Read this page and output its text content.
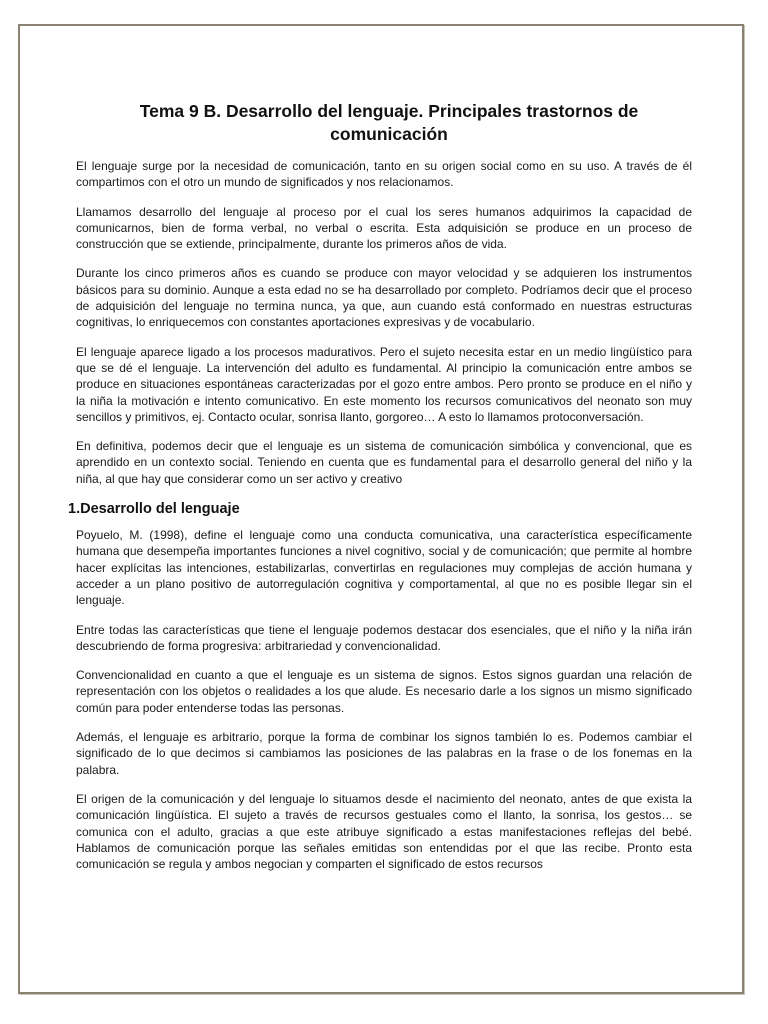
Tema 9 B. Desarrollo del lenguaje. Principales trastornos de comunicación

El lenguaje surge por la necesidad de comunicación, tanto en su origen social como en su uso. A través de él compartimos con el otro un mundo de significados y nos relacionamos.

Llamamos desarrollo del lenguaje al proceso por el cual los seres humanos adquirimos la capacidad de comunicarnos, bien de forma verbal, no verbal o escrita. Esta adquisición se produce en un proceso de construcción que se extiende, principalmente, durante los primeros años de vida.

Durante los cinco primeros años es cuando se produce con mayor velocidad y se adquieren los instrumentos básicos para su dominio. Aunque a esta edad no se ha desarrollado por completo. Podríamos decir que el proceso de adquisición del lenguaje no termina nunca, ya que, aun cuando está conformado en nuestras estructuras cognitivas, lo enriquecemos con constantes aportaciones expresivas y de vocabulario.

El lenguaje aparece ligado a los procesos madurativos. Pero el sujeto necesita estar en un medio lingüístico para que se dé el lenguaje. La intervención del adulto es fundamental. Al principio la comunicación entre ambos se produce en situaciones espontáneas caracterizadas por el gozo entre ambos. Pero pronto se produce en el niño y la niña la motivación e intento comunicativo. En este momento los recursos comunicativos del neonato son muy sencillos y primitivos, ej. Contacto ocular, sonrisa llanto, gorgoreo… A esto lo llamamos protoconversación.

En definitiva, podemos decir que el lenguaje es un sistema de comunicación simbólica y convencional, que es aprendido en un contexto social. Teniendo en cuenta que es fundamental para el desarrollo general del niño y la niña, al que hay que considerar como un ser activo y creativo

1.Desarrollo del lenguaje

Poyuelo, M. (1998), define el lenguaje como una conducta comunicativa, una característica específicamente humana que desempeña importantes funciones a nivel cognitivo, social y de comunicación; que permite al hombre hacer explícitas las intenciones, estabilizarlas, convertirlas en regulaciones muy complejas de acción humana y acceder a un plano positivo de autorregulación cognitiva y comportamental, al que no es posible llegar sin el lenguaje.

Entre todas las características que tiene el lenguaje podemos destacar dos esenciales, que el niño y la niña irán descubriendo de forma progresiva: arbitrariedad y convencionalidad.

Convencionalidad en cuanto a que el lenguaje es un sistema de signos. Estos signos guardan una relación de representación con los objetos o realidades a los que alude. Es necesario darle a los signos un mismo significado común para poder entenderse todas las personas.

Además, el lenguaje es arbitrario, porque la forma de combinar los signos también lo es. Podemos cambiar el significado de lo que decimos si cambiamos las posiciones de las palabras en la frase o de los fonemas en la palabra.

El origen de la comunicación y del lenguaje lo situamos desde el nacimiento del neonato, antes de que exista la comunicación lingüística. El sujeto a través de recursos gestuales como el llanto, la sonrisa, los gestos… se comunica con el adulto, gracias a que este atribuye significado a estas manifestaciones reflejas del bebé. Hablamos de comunicación porque las señales emitidas son entendidas por el que las recibe. Pronto esta comunicación se regula y ambos negocian y comparten el significado de estos recursos
